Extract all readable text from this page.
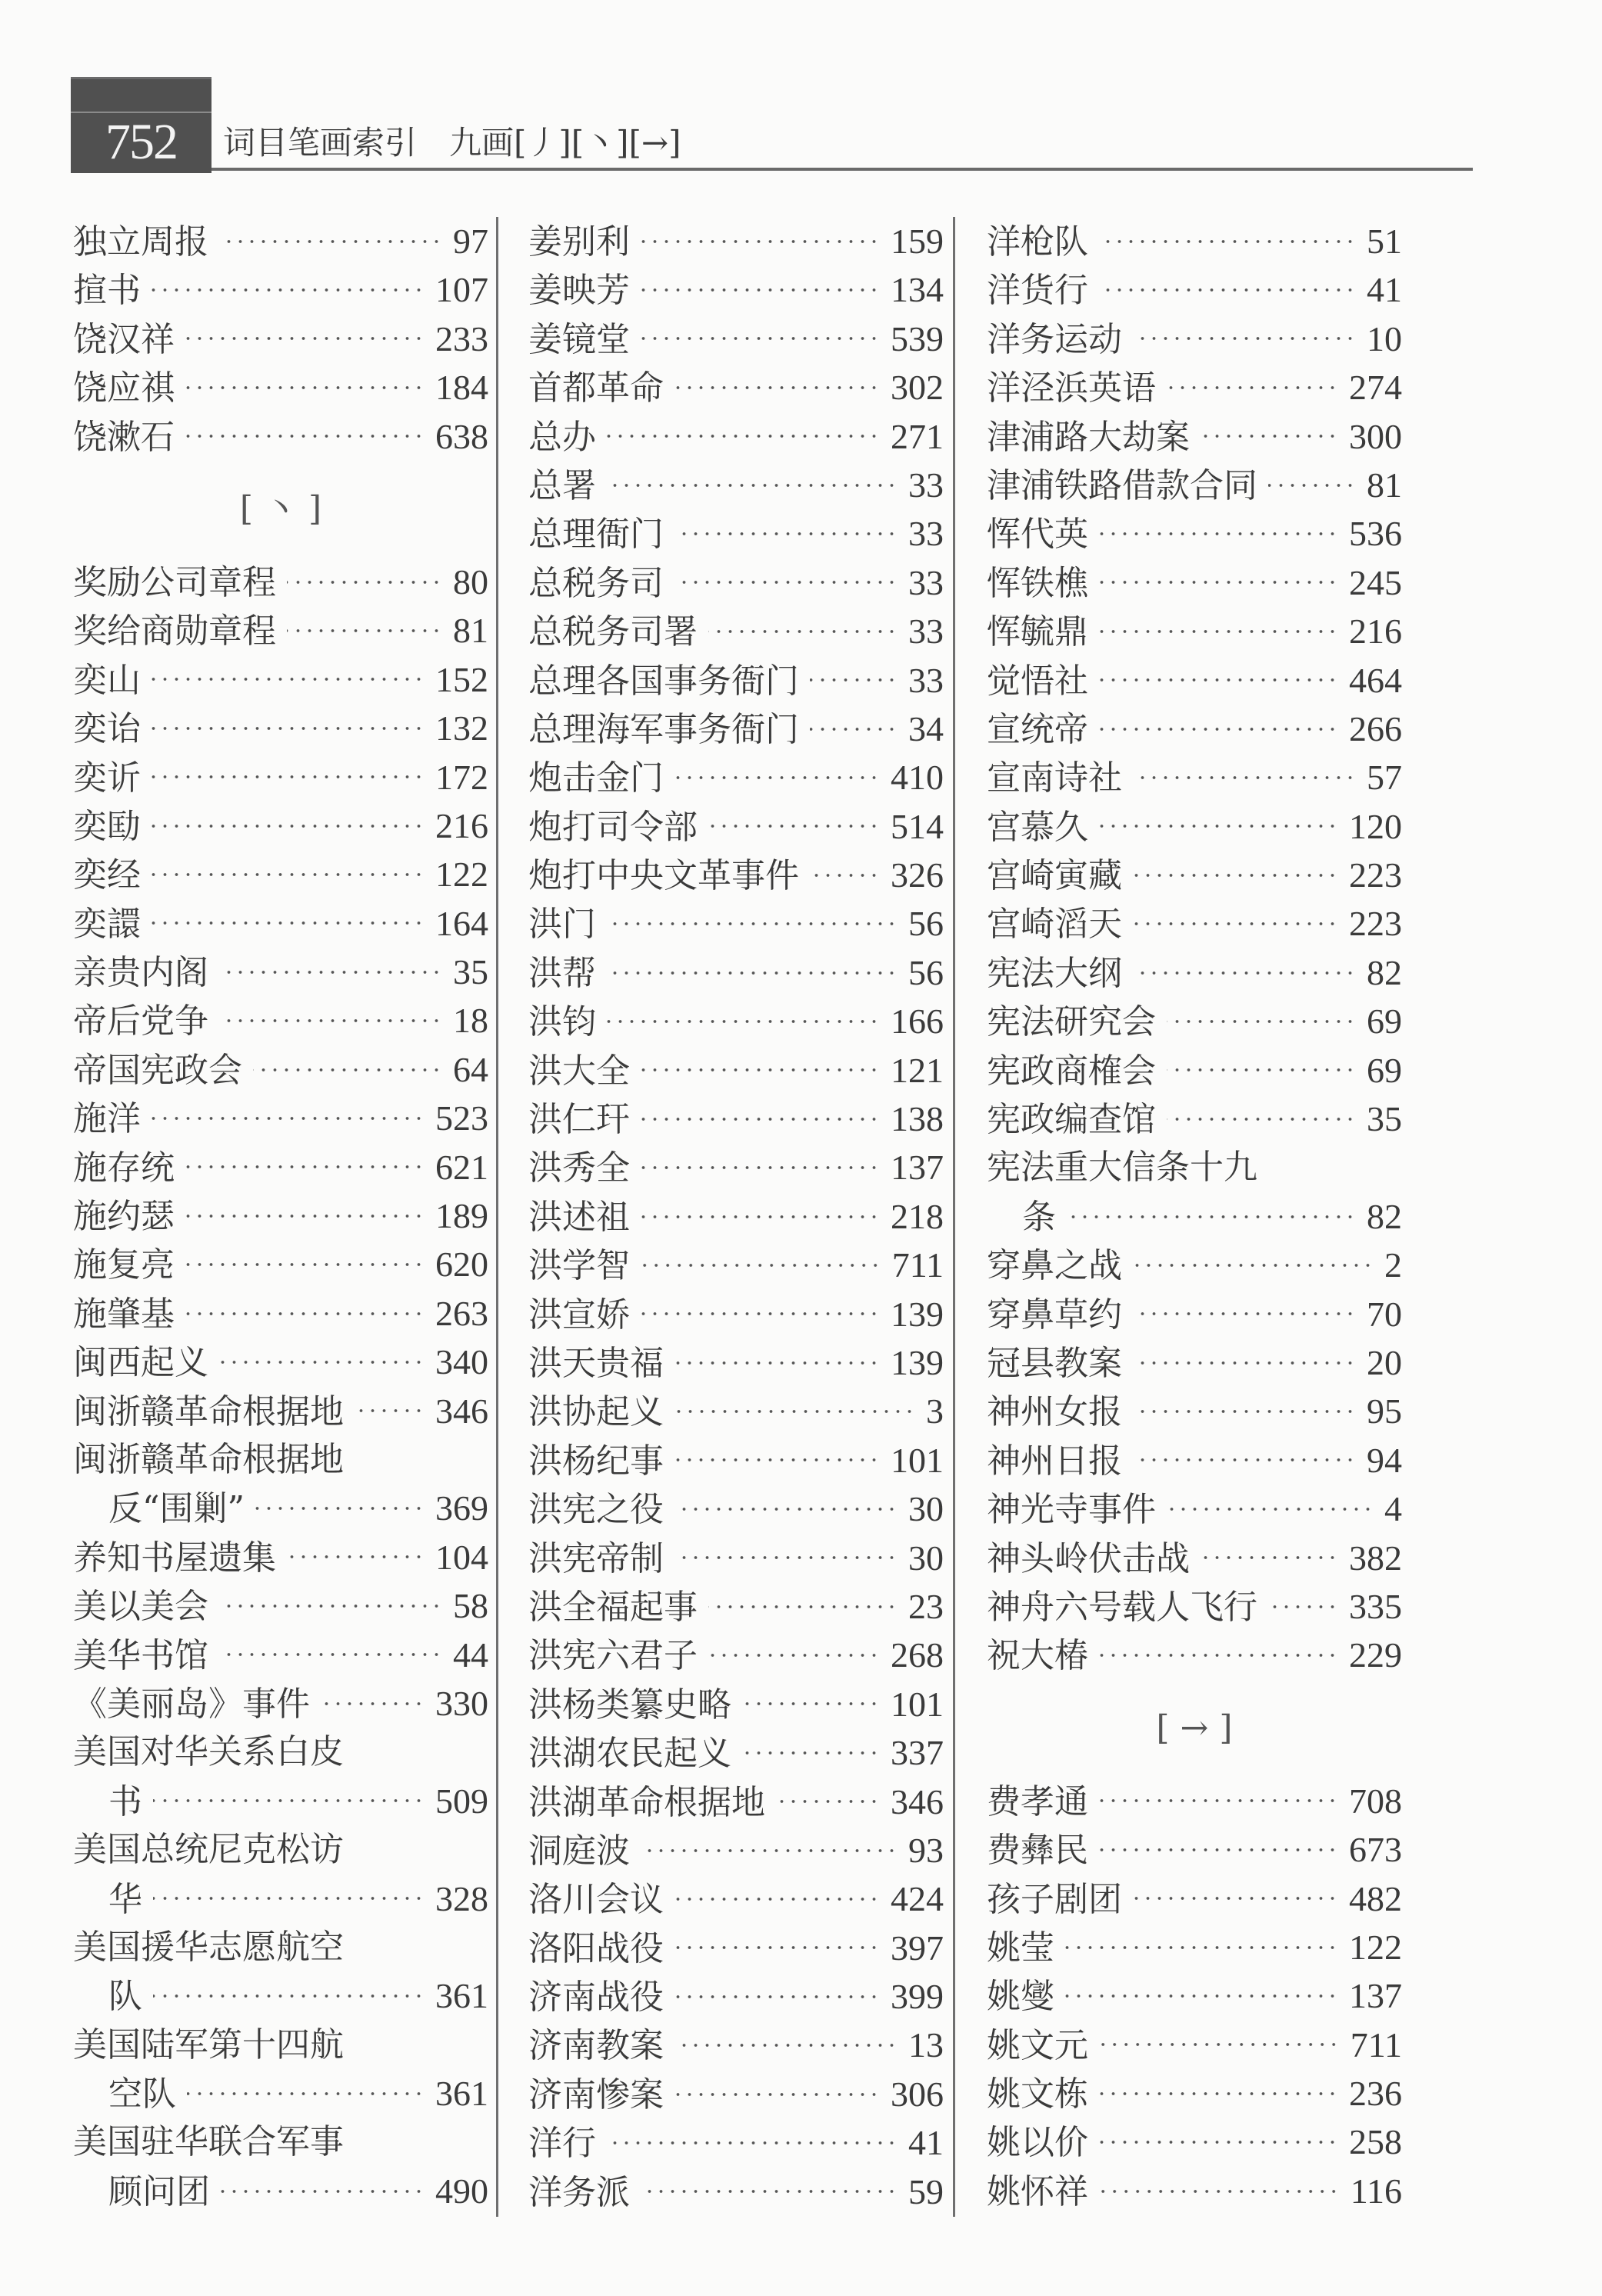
752	词目笔画索引　九画[丿][丶][→]
独立周报	97
揎书	107
饶汉祥	233
饶应祺	184
饶漱石	638
[ 丶 ]
奖励公司章程	80
奖给商勋章程	81
奕山	152
奕诒	132
奕䜣	172
奕劻	216
奕经	122
奕譞	164
亲贵内阁	35
帝后党争	18
帝国宪政会	64
施洋	523
施存统	621
施约瑟	189
施复亮	620
施肇基	263
闽西起义	340
闽浙赣革命根据地	346
闽浙赣革命根据地
反“围剿”	369
养知书屋遗集	104
美以美会	58
美华书馆	44
《美丽岛》事件	330
美国对华关系白皮
书	509
美国总统尼克松访
华	328
美国援华志愿航空
队	361
美国陆军第十四航
空队	361
美国驻华联合军事
顾问团	490
姜别利	159
姜映芳	134
姜镜堂	539
首都革命	302
总办	271
总署	33
总理衙门	33
总税务司	33
总税务司署	33
总理各国事务衙门	33
总理海军事务衙门	34
炮击金门	410
炮打司令部	514
炮打中央文革事件	326
洪门	56
洪帮	56
洪钧	166
洪大全	121
洪仁玕	138
洪秀全	137
洪述祖	218
洪学智	711
洪宣娇	139
洪天贵福	139
洪协起义	3
洪杨纪事	101
洪宪之役	30
洪宪帝制	30
洪全福起事	23
洪宪六君子	268
洪杨类纂史略	101
洪湖农民起义	337
洪湖革命根据地	346
洞庭波	93
洛川会议	424
洛阳战役	397
济南战役	399
济南教案	13
济南惨案	306
洋行	41
洋务派	59
洋枪队	51
洋货行	41
洋务运动	10
洋泾浜英语	274
津浦路大劫案	300
津浦铁路借款合同	81
恽代英	536
恽铁樵	245
恽毓鼎	216
觉悟社	464
宣统帝	266
宣南诗社	57
宫慕久	120
宫崎寅藏	223
宫崎滔天	223
宪法大纲	82
宪法研究会	69
宪政商榷会	69
宪政编查馆	35
宪法重大信条十九
条	82
穿鼻之战	2
穿鼻草约	70
冠县教案	20
神州女报	95
神州日报	94
神光寺事件	4
神头岭伏击战	382
神舟六号载人飞行	335
祝大椿	229
[ → ]
费孝通	708
费彝民	673
孩子剧团	482
姚莹	122
姚燮	137
姚文元	711
姚文栋	236
姚以价	258
姚怀祥	116
